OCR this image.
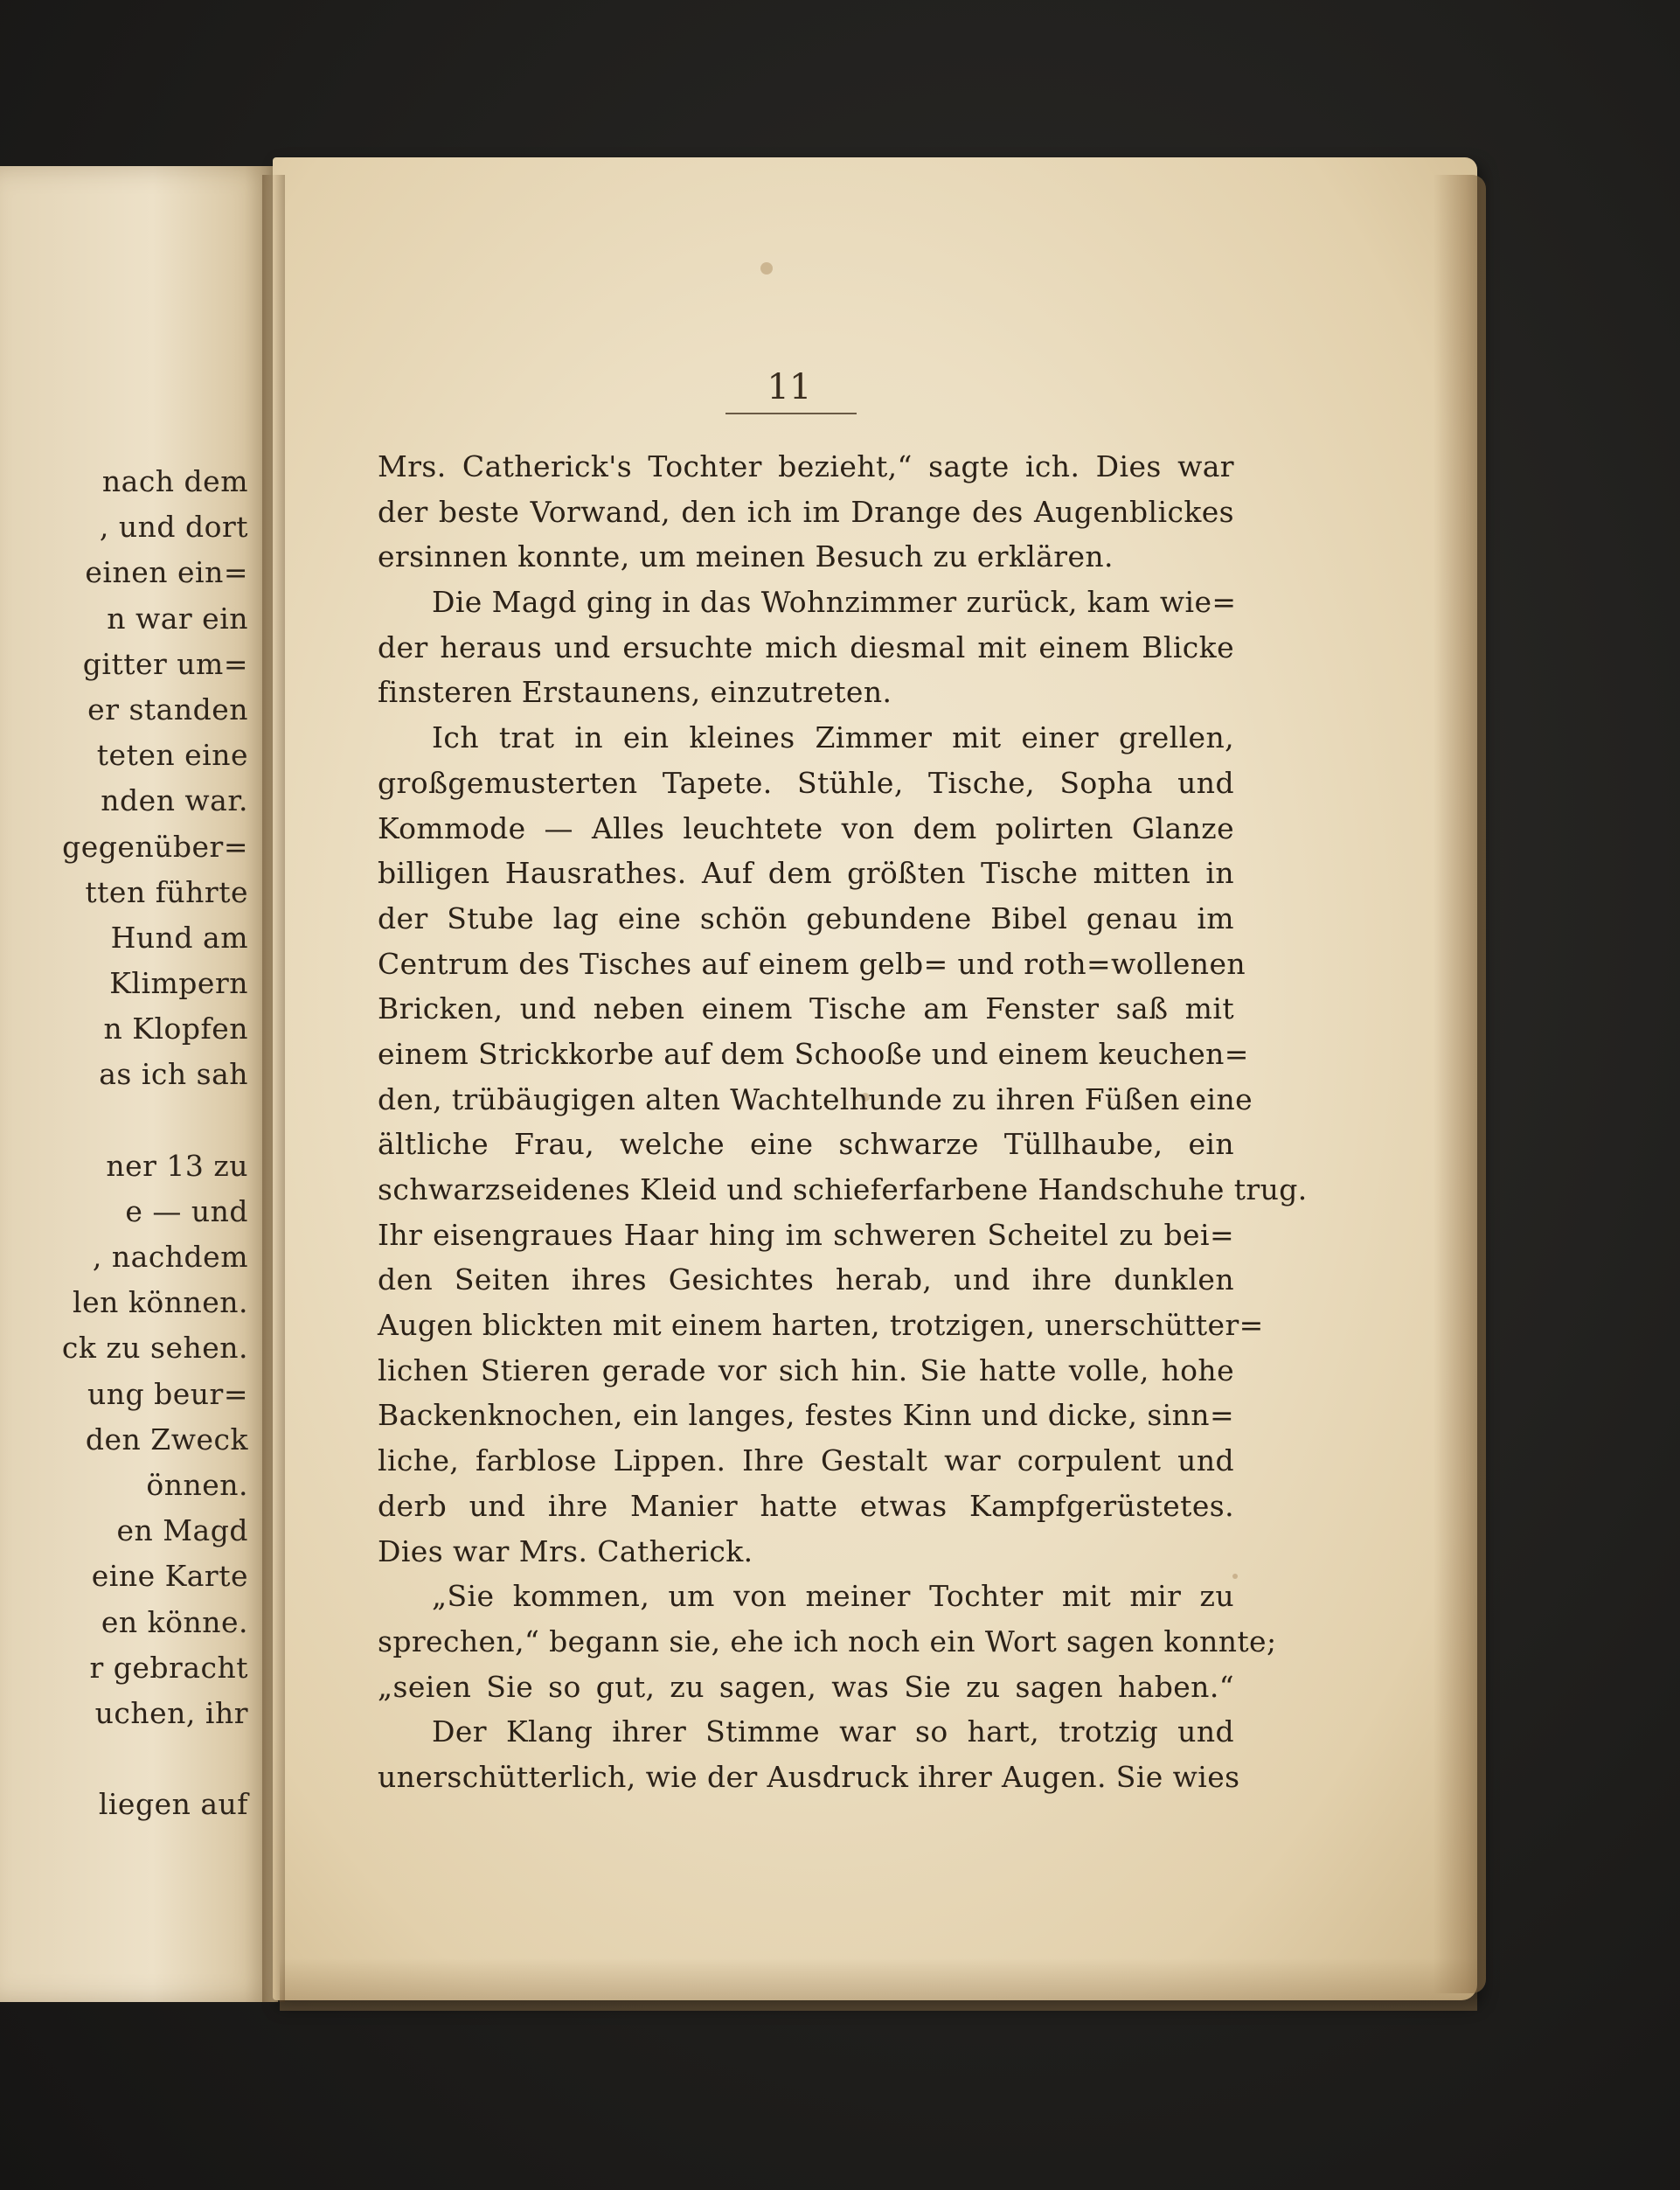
nach dem
, und dort
einen ein=
n war ein
gitter um=
er standen
teten eine
nden war.
gegenüber=
tten führte
Hund am
Klimpern
n Klopfen
as ich sah
ner 13 zu
e — und
, nachdem
len können.
ck zu sehen.
ung beur=
den Zweck
önnen.
en Magd
eine Karte
en könne.
r gebracht
uchen, ihr
liegen auf
11
Mrs. Catherick's Tochter bezieht,“ sagte ich. Dies war
der beste Vorwand, den ich im Drange des Augenblickes
ersinnen konnte, um meinen Besuch zu erklären.
Die Magd ging in das Wohnzimmer zurück, kam wie=
der heraus und ersuchte mich diesmal mit einem Blicke
finsteren Erstaunens, einzutreten.
Ich trat in ein kleines Zimmer mit einer grellen,
großgemusterten Tapete. Stühle, Tische, Sopha und
Kommode — Alles leuchtete von dem polirten Glanze
billigen Hausrathes. Auf dem größten Tische mitten in
der Stube lag eine schön gebundene Bibel genau im
Centrum des Tisches auf einem gelb= und roth=wollenen
Bricken, und neben einem Tische am Fenster saß mit
einem Strickkorbe auf dem Schooße und einem keuchen=
den, trübäugigen alten Wachtelhunde zu ihren Füßen eine
ältliche Frau, welche eine schwarze Tüllhaube, ein
schwarzseidenes Kleid und schieferfarbene Handschuhe trug.
Ihr eisengraues Haar hing im schweren Scheitel zu bei=
den Seiten ihres Gesichtes herab, und ihre dunklen
Augen blickten mit einem harten, trotzigen, unerschütter=
lichen Stieren gerade vor sich hin. Sie hatte volle, hohe
Backenknochen, ein langes, festes Kinn und dicke, sinn=
liche, farblose Lippen. Ihre Gestalt war corpulent und
derb und ihre Manier hatte etwas Kampfgerüstetes.
Dies war Mrs. Catherick.
„Sie kommen, um von meiner Tochter mit mir zu
sprechen,“ begann sie, ehe ich noch ein Wort sagen konnte;
„seien Sie so gut, zu sagen, was Sie zu sagen haben.“
Der Klang ihrer Stimme war so hart, trotzig und
unerschütterlich, wie der Ausdruck ihrer Augen. Sie wies
